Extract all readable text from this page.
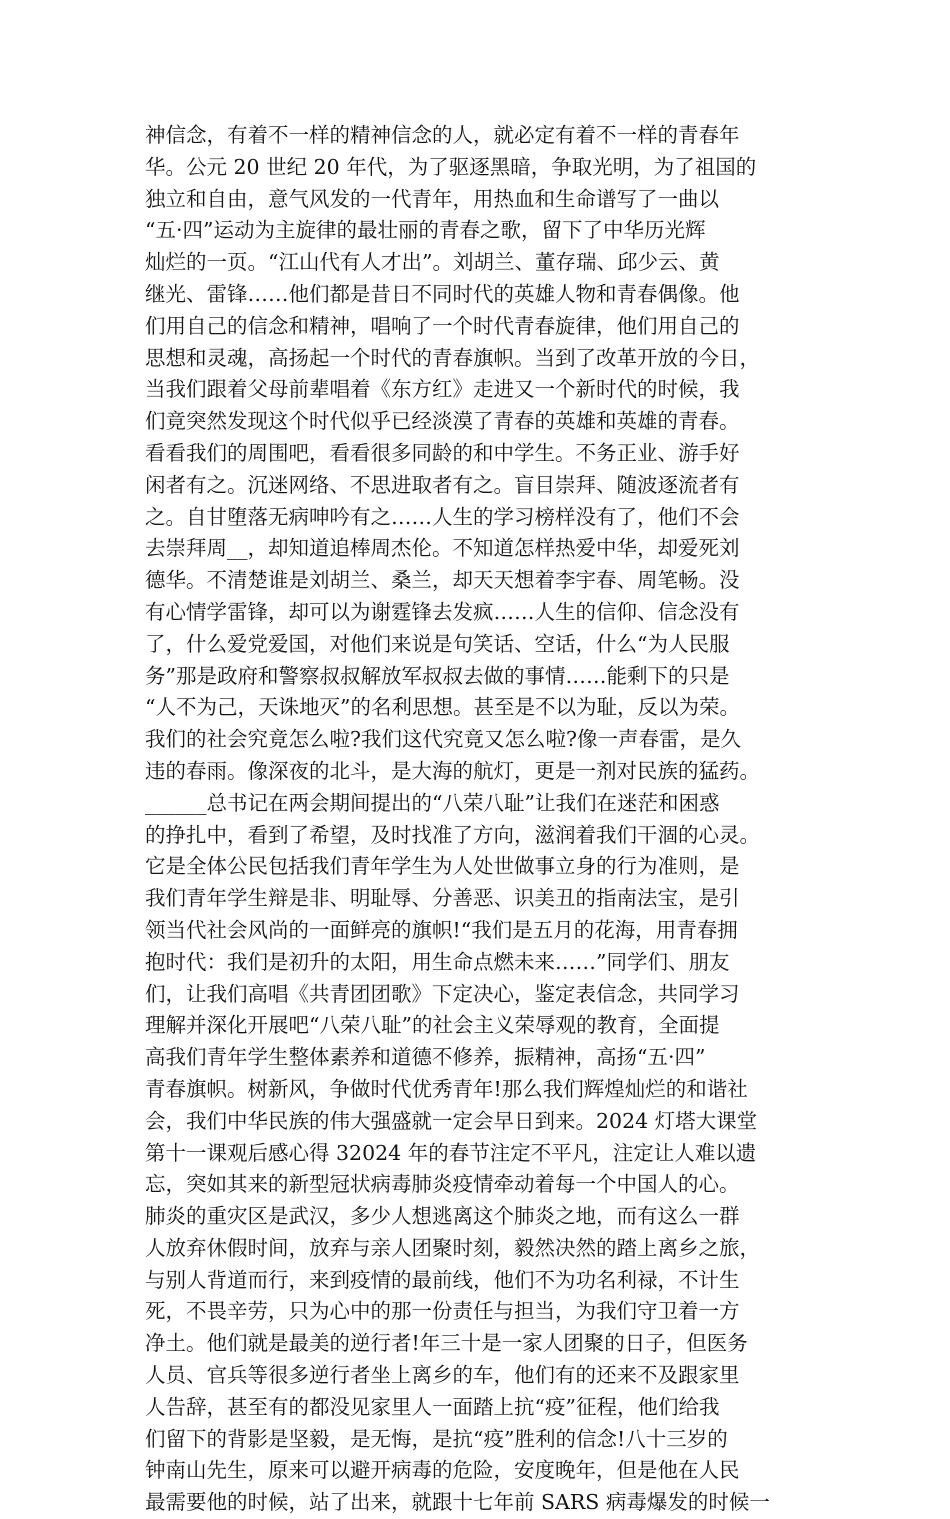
神信念，有着不一样的精神信念的人，就必定有着不一样的青春年
华。公元 20 世纪 20 年代，为了驱逐黑暗，争取光明，为了祖国的
独立和自由，意气风发的一代青年，用热血和生命谱写了一曲以
“五·四”运动为主旋律的最壮丽的青春之歌，留下了中华历光辉
灿烂的一页。“江山代有人才出”。刘胡兰、董存瑞、邱少云、黄
继光、雷锋……他们都是昔日不同时代的英雄人物和青春偶像。他
们用自己的信念和精神，唱响了一个时代青春旋律，他们用自己的
思想和灵魂，高扬起一个时代的青春旗帜。当到了改革开放的今日，
当我们跟着父母前辈唱着《东方红》走进又一个新时代的时候，我
们竟突然发现这个时代似乎已经淡漠了青春的英雄和英雄的青春。
看看我们的周围吧，看看很多同龄的和中学生。不务正业、游手好
闲者有之。沉迷网络、不思进取者有之。盲目崇拜、随波逐流者有
之。自甘堕落无病呻吟有之……人生的学习榜样没有了，他们不会
去崇拜周__，却知道追棒周杰伦。不知道怎样热爱中华，却爱死刘
德华。不清楚谁是刘胡兰、桑兰，却天天想着李宇春、周笔畅。没
有心情学雷锋，却可以为谢霆锋去发疯……人生的信仰、信念没有
了，什么爱党爱国，对他们来说是句笑话、空话，什么“为人民服
务”那是政府和警察叔叔解放军叔叔去做的事情……能剩下的只是
“人不为己，天诛地灭”的名利思想。甚至是不以为耻，反以为荣。
我们的社会究竟怎么啦?我们这代究竟又怎么啦?像一声春雷，是久
违的春雨。像深夜的北斗，是大海的航灯，更是一剂对民族的猛药。
______总书记在两会期间提出的“八荣八耻”让我们在迷茫和困惑
的挣扎中，看到了希望，及时找准了方向，滋润着我们干涸的心灵。
它是全体公民包括我们青年学生为人处世做事立身的行为准则，是
我们青年学生辩是非、明耻辱、分善恶、识美丑的指南法宝，是引
领当代社会风尚的一面鲜亮的旗帜!“我们是五月的花海，用青春拥
抱时代：我们是初升的太阳，用生命点燃未来……”同学们、朋友
们，让我们高唱《共青团团歌》下定决心，鉴定表信念，共同学习
理解并深化开展吧“八荣八耻”的社会主义荣辱观的教育，全面提
高我们青年学生整体素养和道德不修养，振精神，高扬“五·四”
青春旗帜。树新风，争做时代优秀青年!那么我们辉煌灿烂的和谐社
会，我们中华民族的伟大强盛就一定会早日到来。2024 灯塔大课堂
第十一课观后感心得 32024 年的春节注定不平凡，注定让人难以遗
忘，突如其来的新型冠状病毒肺炎疫情牵动着每一个中国人的心。
肺炎的重灾区是武汉，多少人想逃离这个肺炎之地，而有这么一群
人放弃休假时间，放弃与亲人团聚时刻，毅然决然的踏上离乡之旅，
与别人背道而行，来到疫情的最前线，他们不为功名利禄，不计生
死，不畏辛劳，只为心中的那一份责任与担当，为我们守卫着一方
净土。他们就是最美的逆行者!年三十是一家人团聚的日子，但医务
人员、官兵等很多逆行者坐上离乡的车，他们有的还来不及跟家里
人告辞，甚至有的都没见家里人一面踏上抗“疫”征程，他们给我
们留下的背影是坚毅，是无悔，是抗“疫”胜利的信念!八十三岁的
钟南山先生，原来可以避开病毒的危险，安度晚年，但是他在人民
最需要他的时候，站了出来，就跟十七年前 SARS 病毒爆发的时候一
